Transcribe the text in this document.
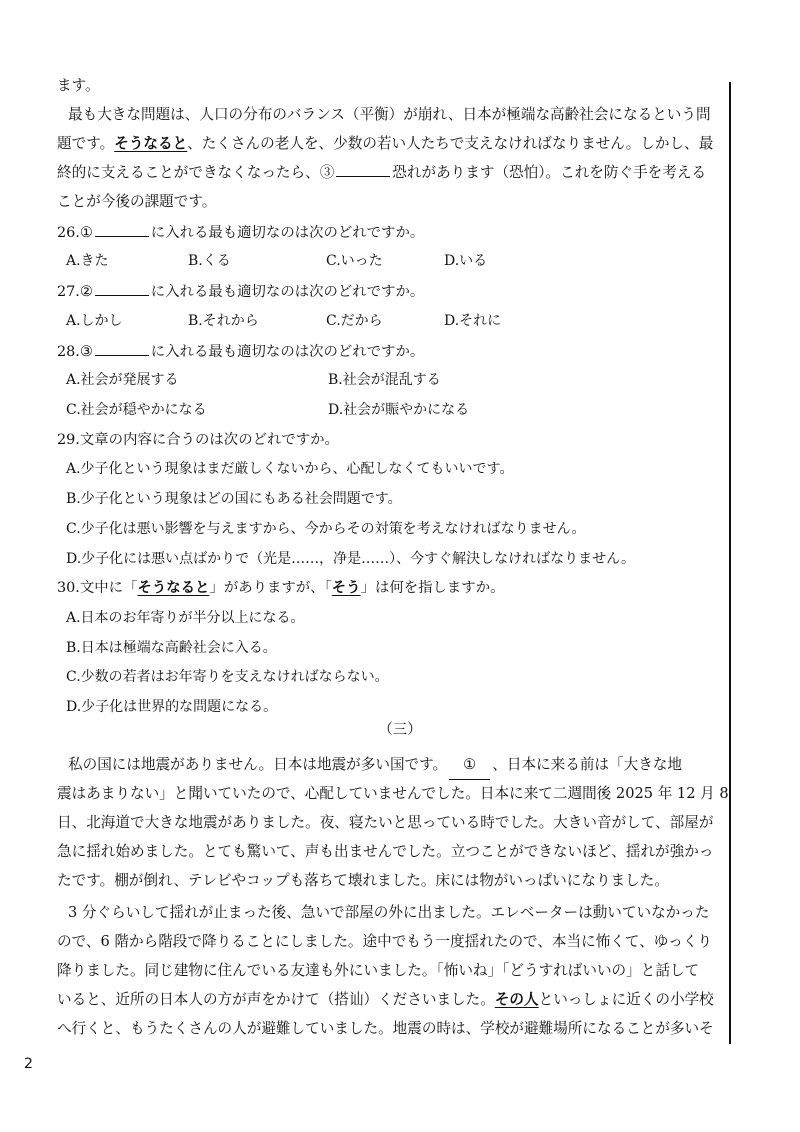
ます。
最も大きな問題は、人口の分布のバランス（平衡）が崩れ、日本が極端な高齢社会になるという問
題です。そうなると、たくさんの老人を、少数の若い人たちで支えなければなりません。しかし、最
終的に支えることができなくなったら、③	恐れがあります（恐怕）。これを防ぐ手を考える
ことが今後の課題です。
26.①	に入れる最も適切なのは次のどれですか。
A.きた	B.くる	C.いった	D.いる
27.②	に入れる最も適切なのは次のどれですか。
A.しかし	B.それから	C.だから	D.それに
28.③	に入れる最も適切なのは次のどれですか。
A.社会が発展する	B.社会が混乱する
C.社会が穏やかになる	D.社会が賑やかになる
29.文章の内容に合うのは次のどれですか。
A.少子化という現象はまだ厳しくないから、心配しなくてもいいです。
B.少子化という現象はどの国にもある社会問題です。
C.少子化は悪い影響を与えますから、今からその対策を考えなければなりません。
D.少子化には悪い点ばかりで（光是……，净是……）、今すぐ解決しなければなりません。
30.文中に「そうなると」がありますが、「そう」は何を指しますか。
A.日本のお年寄りが半分以上になる。
B.日本は極端な高齢社会に入る。
C.少数の若者はお年寄りを支えなければならない。
D.少子化は世界的な問題になる。
（三）
私の国には地震がありません。日本は地震が多い国です。 ① 、日本に来る前は「大きな地
震はあまりない」と聞いていたので、心配していませんでした。日本に来て二週間後 2025 年 12 月 8
日、北海道で大きな地震がありました。夜、寝たいと思っている時でした。大きい音がして、部屋が
急に揺れ始めました。とても驚いて、声も出ませんでした。立つことができないほど、揺れが強かっ
たです。棚が倒れ、テレビやコップも落ちて壊れました。床には物がいっぱいになりました。
3 分ぐらいして揺れが止まった後、急いで部屋の外に出ました。エレベーターは動いていなかった
ので、6 階から階段で降りることにしました。途中でもう一度揺れたので、本当に怖くて、ゆっくり
降りました。同じ建物に住んでいる友達も外にいました。「怖いね」「どうすればいいの」と話して
いると、近所の日本人の方が声をかけて（搭讪）くださいました。その人といっしょに近くの小学校
へ行くと、もうたくさんの人が避難していました。地震の時は、学校が避難場所になることが多いそ
2
